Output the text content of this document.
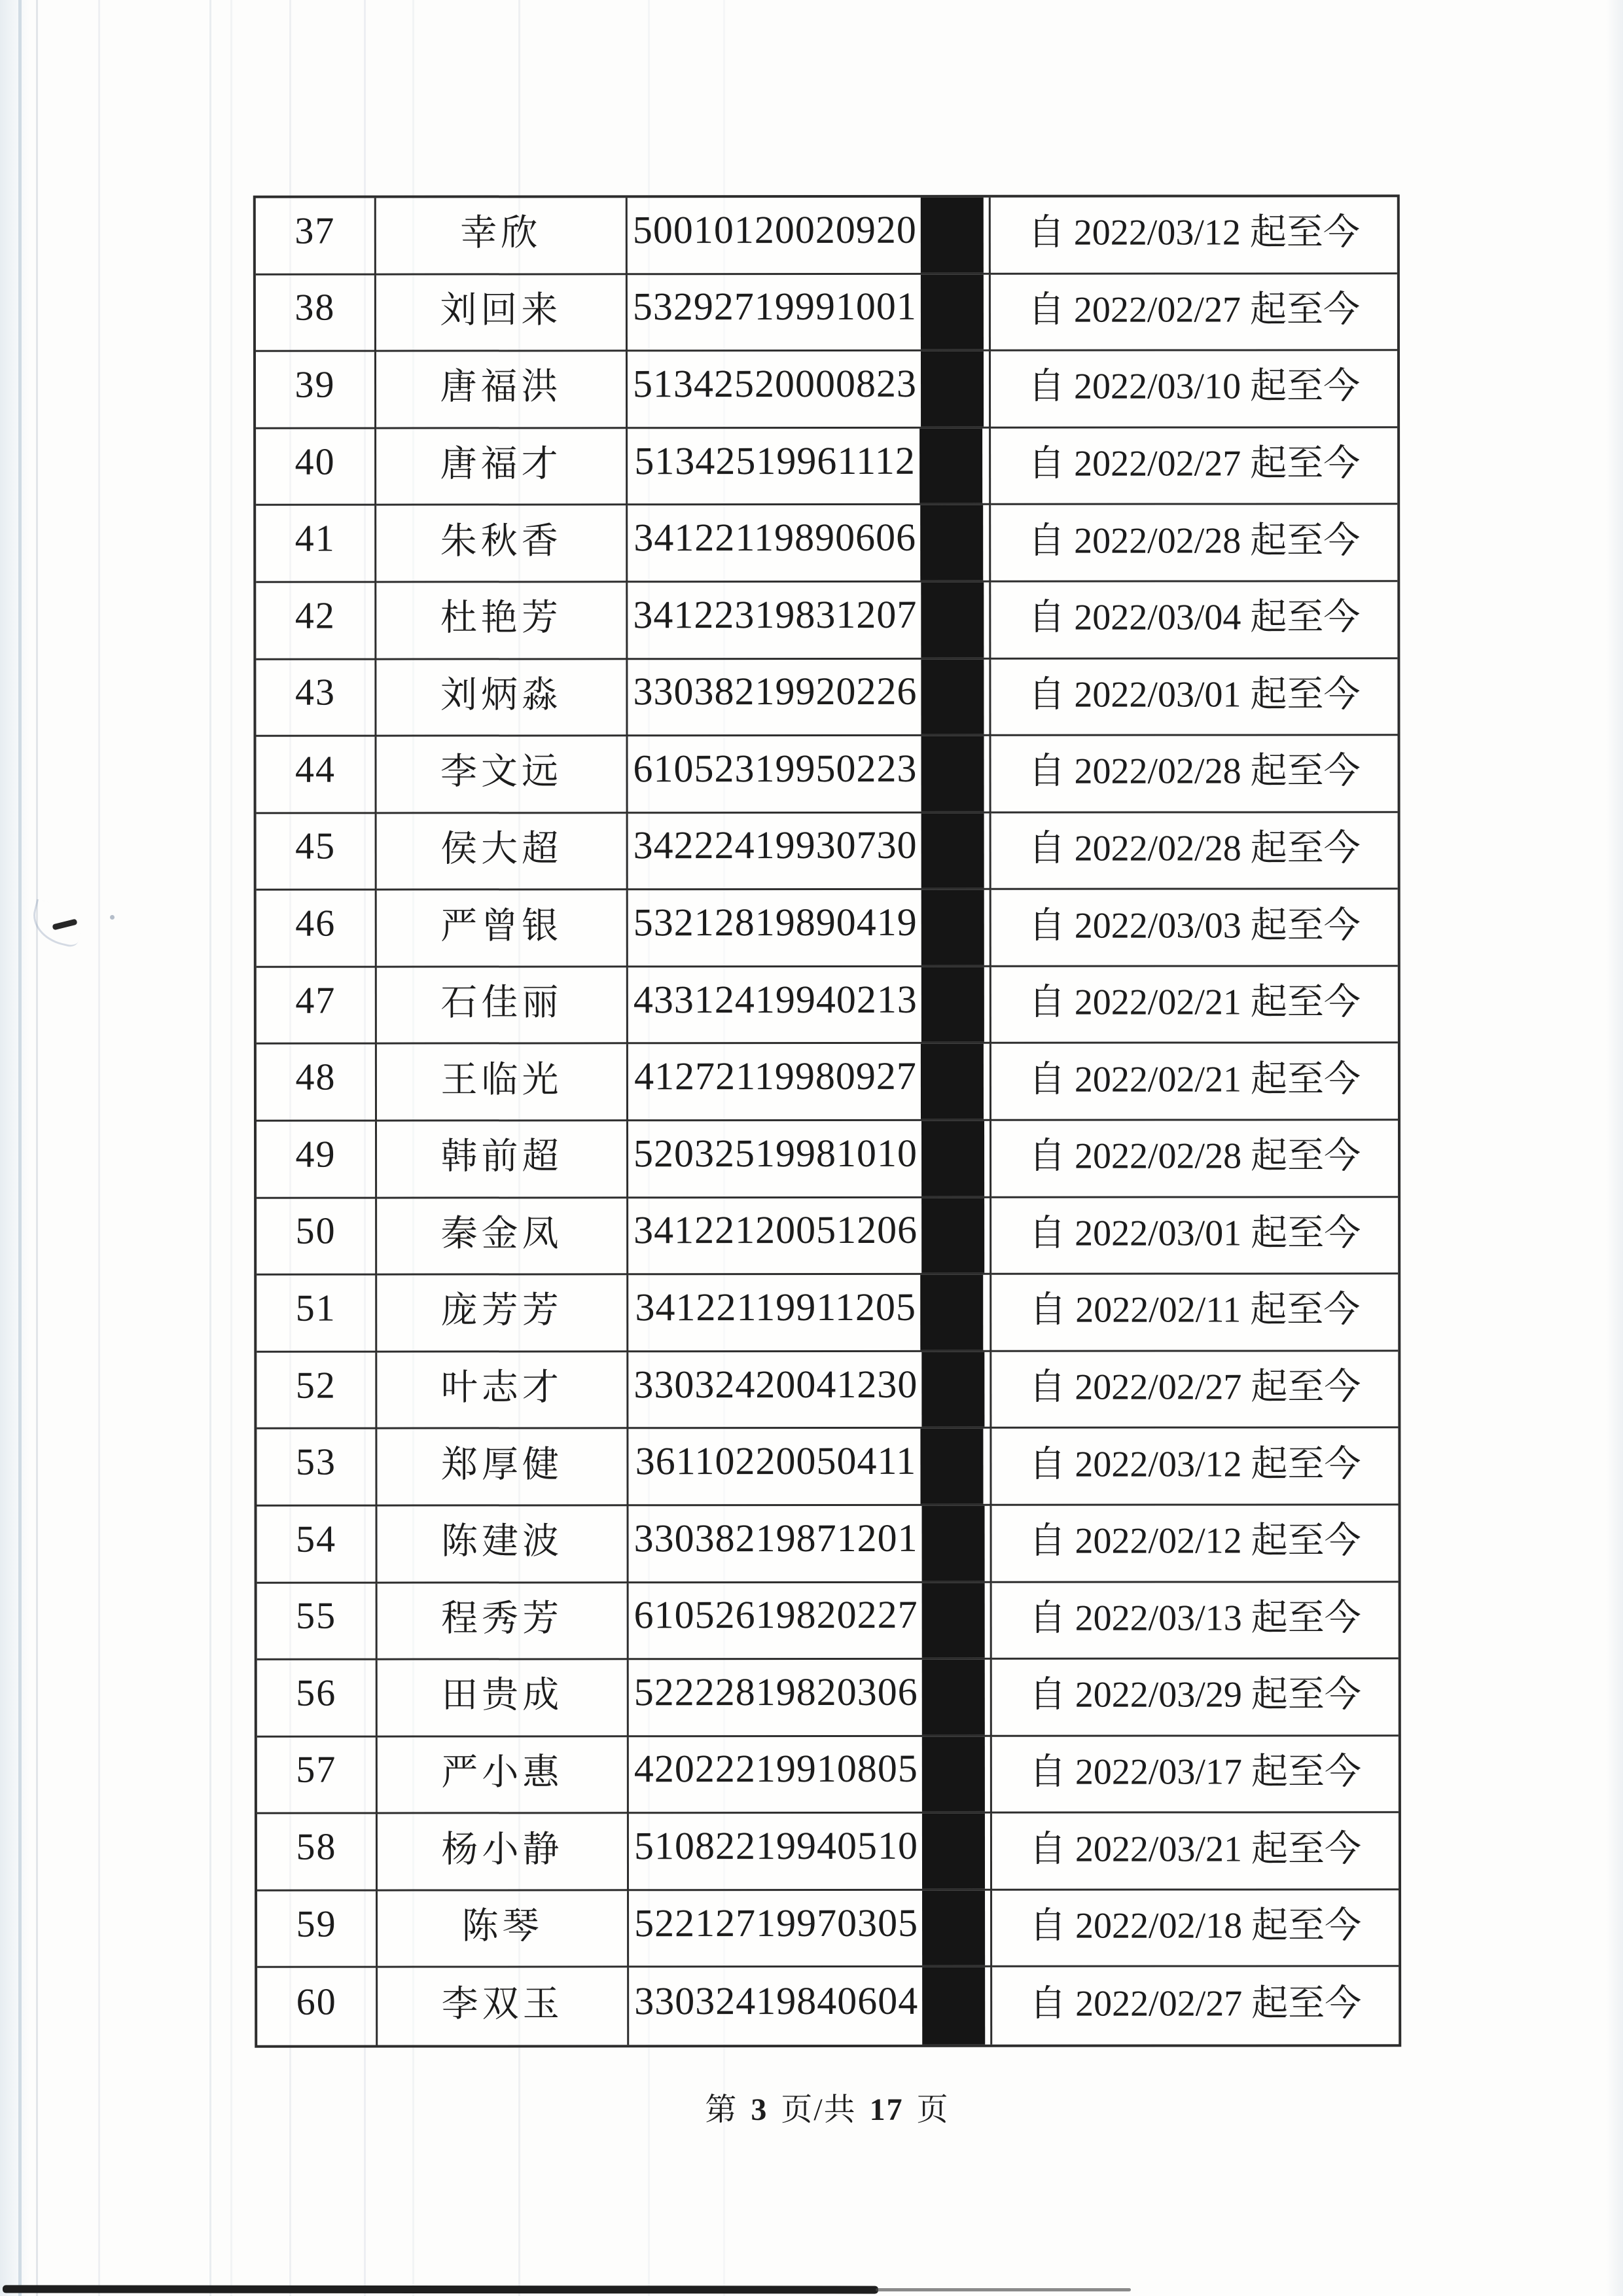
37	幸欣 50010120020920	自 2022/03/12 起至今
38	刘回来 53292719991001	自 2022/02/27 起至今
39	唐福洪 51342520000823	自 2022/03/10 起至今
40	唐福才 51342519961112	自 2022/02/27 起至今
41	朱秋香 34122119890606	自 2022/02/28 起至今
42	杜艳芳 34122319831207	自 2022/03/04 起至今
43	刘炳淼 33038219920226	自 2022/03/01 起至今
44	李文远 61052319950223	自 2022/02/28 起至今
45	侯大超 34222419930730	自 2022/02/28 起至今
46	严曾银 53212819890419	自 2022/03/03 起至今
47	石佳丽 43312419940213	自 2022/02/21 起至今
48	王临光 41272119980927	自 2022/02/21 起至今
49	韩前超 52032519981010	自 2022/02/28 起至今
50	秦金凤 34122120051206	自 2022/03/01 起至今
51	庞芳芳 34122119911205	自 2022/02/11 起至今
52	叶志才 33032420041230	自 2022/02/27 起至今
53	郑厚健 36110220050411	自 2022/03/12 起至今
54	陈建波 33038219871201	自 2022/02/12 起至今
55	程秀芳 61052619820227	自 2022/03/13 起至今
56	田贵成 52222819820306	自 2022/03/29 起至今
57	严小惠 42022219910805	自 2022/03/17 起至今
58	杨小静 51082219940510	自 2022/03/21 起至今
59	陈琴 52212719970305	自 2022/02/18 起至今
60	李双玉 33032419840604	自 2022/02/27 起至今
第 3 页/共 17 页
